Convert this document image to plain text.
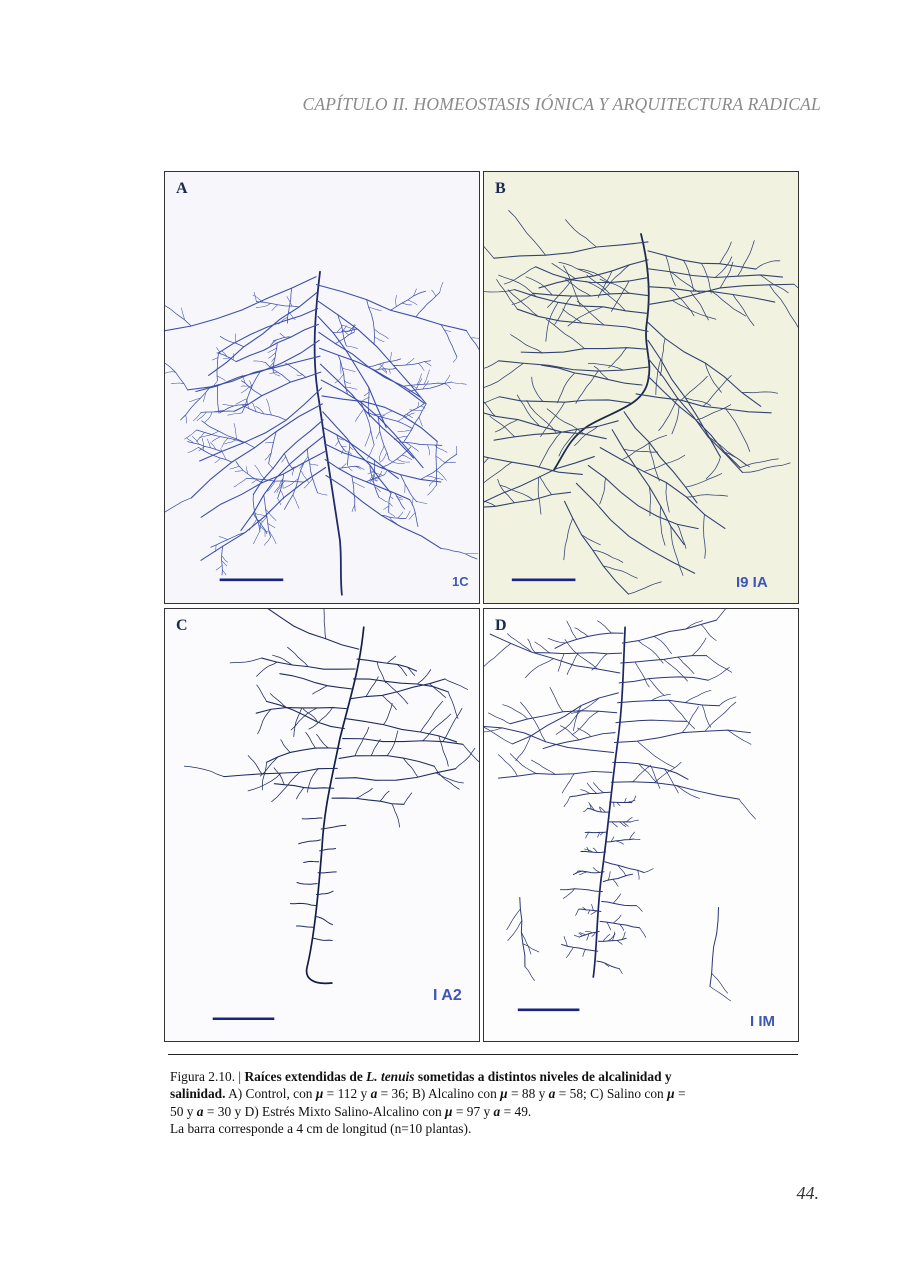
CAPÍTULO II. HOMEOSTASIS IÓNICA Y ARQUITECTURA RADICAL
A
1C
B
I9 IA
C
I A2
D
I IM
Figura 2.10. | Raíces extendidas de L. tenuis sometidas a distintos niveles de alcalinidad y salinidad. A) Control, con μ = 112 y a = 36; B) Alcalino con μ = 88 y a = 58; C) Salino con μ = 50 y a = 30 y D) Estrés Mixto Salino-Alcalino con μ = 97 y a = 49.
La barra corresponde a 4 cm de longitud (n=10 plantas).
44.
